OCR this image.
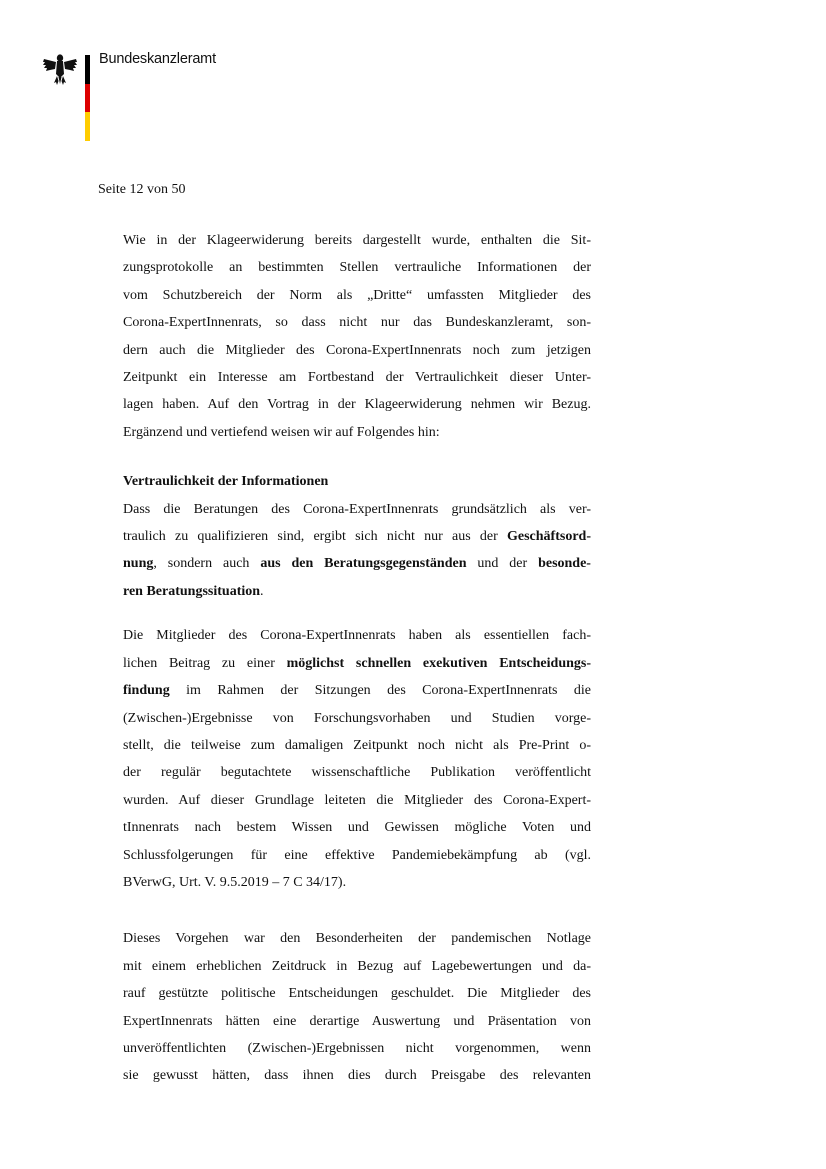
Bundeskanzleramt
Seite 12 von 50

Wie in der Klageerwiderung bereits dargestellt wurde, enthalten die Sit-
zungsprotokolle an bestimmten Stellen vertrauliche Informationen der
vom Schutzbereich der Norm als „Dritte“ umfassten Mitglieder des
Corona-ExpertInnenrats, so dass nicht nur das Bundeskanzleramt, son-
dern auch die Mitglieder des Corona-ExpertInnenrats noch zum jetzigen
Zeitpunkt ein Interesse am Fortbestand der Vertraulichkeit dieser Unter-
lagen haben. Auf den Vortrag in der Klageerwiderung nehmen wir Bezug.
Ergänzend und vertiefend weisen wir auf Folgendes hin:

Vertraulichkeit der Informationen

Dass die Beratungen des Corona-ExpertInnenrats grundsätzlich als ver-
traulich zu qualifizieren sind, ergibt sich nicht nur aus der Geschäftsord-
nung, sondern auch aus den Beratungsgegenständen und der besonde-
ren Beratungssituation.

Die Mitglieder des Corona-ExpertInnenrats haben als essentiellen fach-
lichen Beitrag zu einer möglichst schnellen exekutiven Entscheidungs-
findung im Rahmen der Sitzungen des Corona-ExpertInnenrats die
(Zwischen-)Ergebnisse von Forschungsvorhaben und Studien vorge-
stellt, die teilweise zum damaligen Zeitpunkt noch nicht als Pre-Print o-
der regulär begutachtete wissenschaftliche Publikation veröffentlicht
wurden. Auf dieser Grundlage leiteten die Mitglieder des Corona-Expert-
tInnenrats nach bestem Wissen und Gewissen mögliche Voten und
Schlussfolgerungen für eine effektive Pandemiebekämpfung ab (vgl.
BVerwG, Urt. V. 9.5.2019 – 7 C 34/17).

Dieses Vorgehen war den Besonderheiten der pandemischen Notlage
mit einem erheblichen Zeitdruck in Bezug auf Lagebewertungen und da-
rauf gestützte politische Entscheidungen geschuldet. Die Mitglieder des
ExpertInnenrats hätten eine derartige Auswertung und Präsentation von
unveröffentlichten (Zwischen-)Ergebnissen nicht vorgenommen, wenn
sie gewusst hätten, dass ihnen dies durch Preisgabe des relevanten
